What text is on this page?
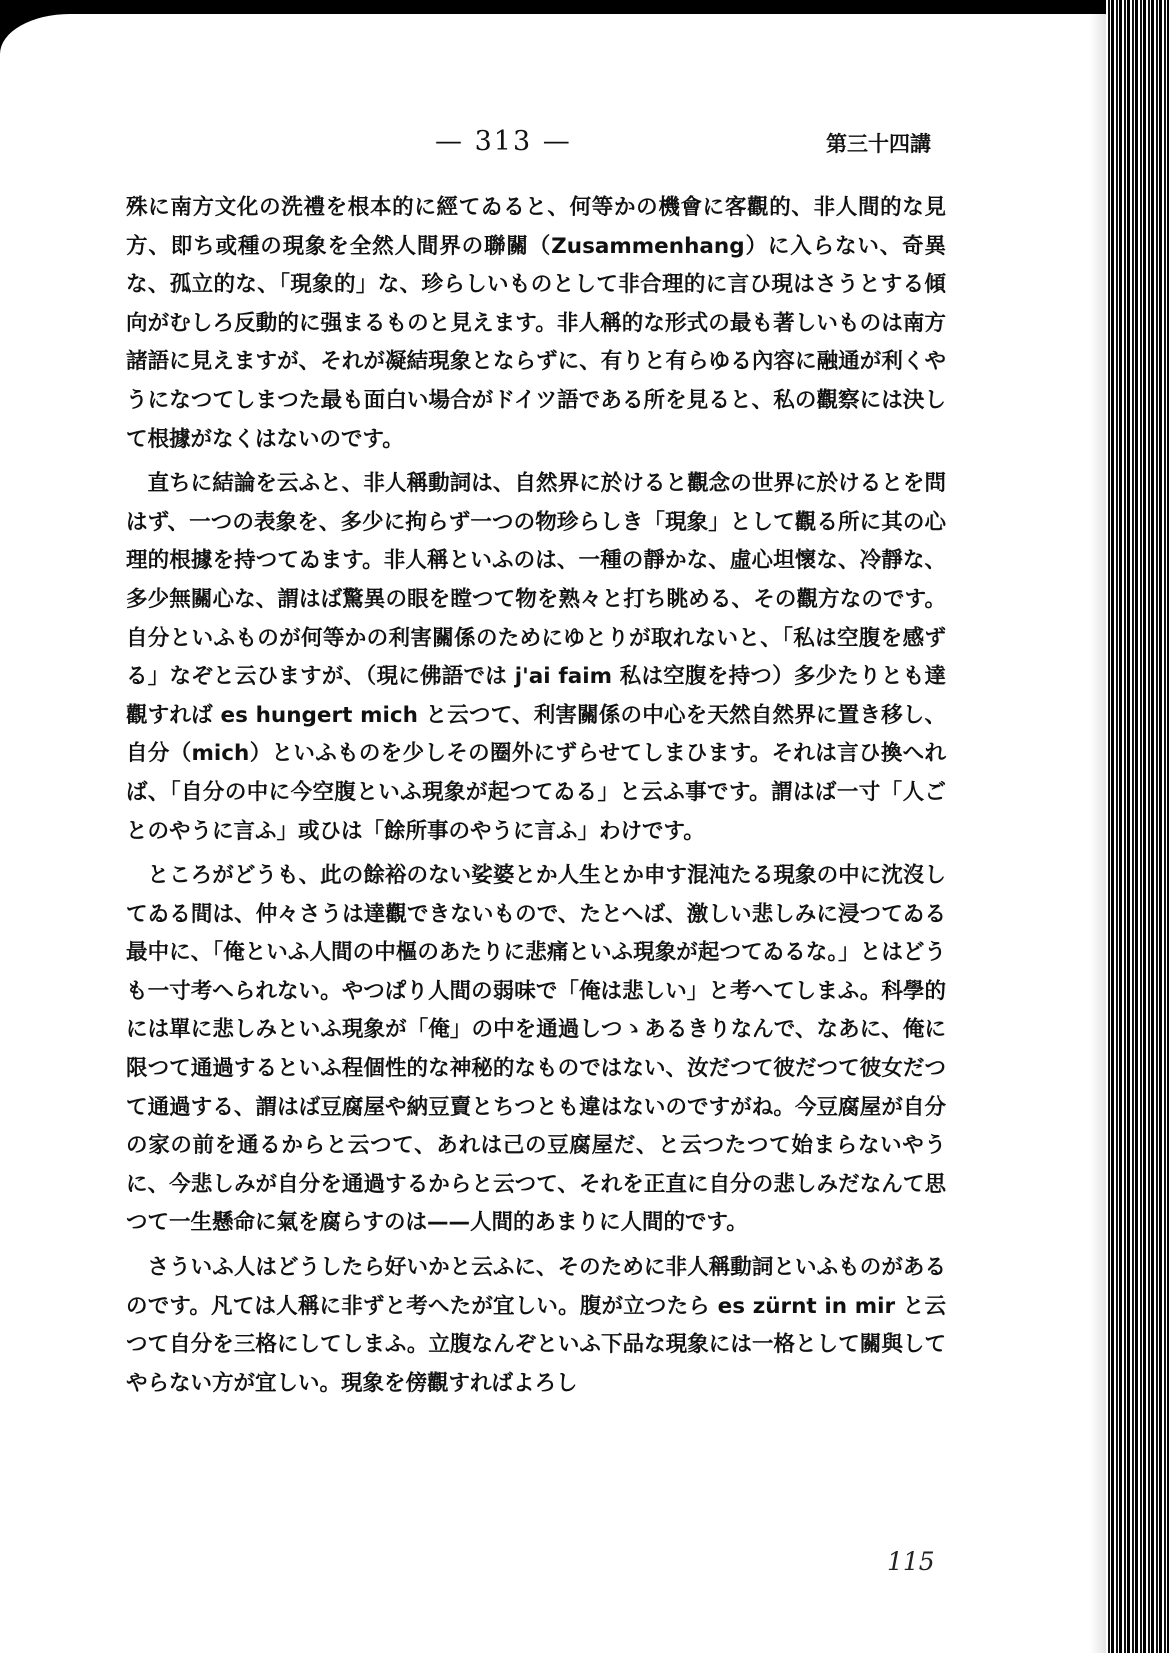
— 313 —	第三十四講

殊に南方文化の洗禮を根本的に經てゐると、何等かの機會に客觀的、非人間的な見方、即ち或種の現象を全然人間界の聯關（Zusammenhang）に入らない、奇異な、孤立的な、「現象的」な、珍らしいものとして非合理的に言ひ現はさうとする傾向がむしろ反動的に强まるものと見えます。非人稱的な形式の最も著しいものは南方諸語に見えますが、それが凝結現象とならずに、有りと有らゆる內容に融通が利くやうになつてしまつた最も面白い場合がドイツ語である所を見ると、私の觀察には決して根據がなくはないのです。

直ちに結論を云ふと、非人稱動詞は、自然界に於けると觀念の世界に於けるとを問はず、一つの表象を、多少に拘らず一つの物珍らしき「現象」として觀る所に其の心理的根據を持つてゐます。非人稱といふのは、一種の靜かな、虛心坦懷な、冷靜な、多少無關心な、謂はば驚異の眼を瞠つて物を熟々と打ち眺める、その觀方なのです。自分といふものが何等かの利害關係のためにゆとりが取れないと、「私は空腹を感ずる」なぞと云ひますが、（現に佛語では j'ai faim 私は空腹を持つ）多少たりとも達觀すれば es hungert mich と云つて、利害關係の中心を天然自然界に置き移し、自分（mich）といふものを少しその圈外にずらせてしまひます。それは言ひ換へれば、「自分の中に今空腹といふ現象が起つてゐる」と云ふ事です。謂はば一寸「人ごとのやうに言ふ」或ひは「餘所事のやうに言ふ」わけです。

ところがどうも、此の餘裕のない娑婆とか人生とか申す混沌たる現象の中に沈沒してゐる間は、仲々さうは達觀できないもので、たとへば、激しい悲しみに浸つてゐる最中に、「俺といふ人間の中樞のあたりに悲痛といふ現象が起つてゐるな。」とはどうも一寸考へられない。やつぱり人間の弱味で「俺は悲しい」と考へてしまふ。科學的には單に悲しみといふ現象が「俺」の中を通過しつゝあるきりなんで、なあに、俺に限つて通過するといふ程個性的な神秘的なものではない、汝だつて彼だつて彼女だつて通過する、謂はば豆腐屋や納豆賣とちつとも違はないのですがね。今豆腐屋が自分の家の前を通るからと云つて、あれは己の豆腐屋だ、と云つたつて始まらないやうに、今悲しみが自分を通過するからと云つて、それを正直に自分の悲しみだなんて思つて一生懸命に氣を腐らすのは——人間的あまりに人間的です。

さういふ人はどうしたら好いかと云ふに、そのために非人稱動詞といふものがあるのです。凡ては人稱に非ずと考へたが宜しい。腹が立つたら es zürnt in mir と云つて自分を三格にしてしまふ。立腹なんぞといふ下品な現象には一格として關與してやらない方が宜しい。現象を傍觀すればよろし

115
